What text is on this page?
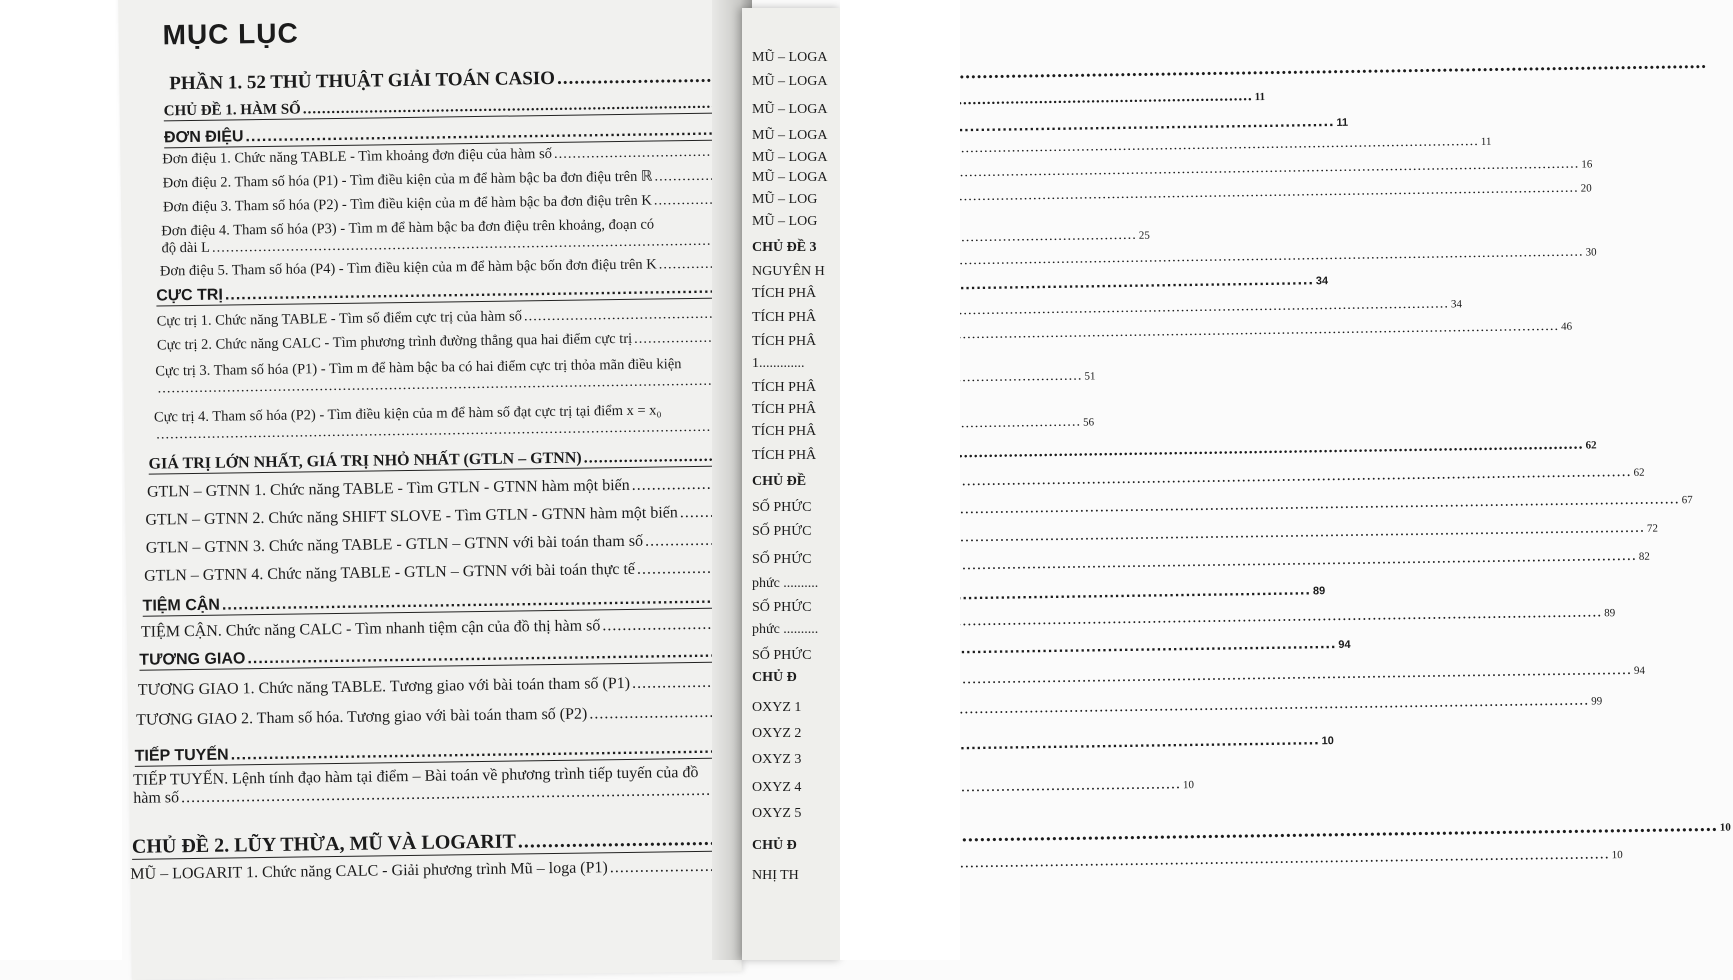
MỤC LỤC
PHẦN 1. 52 THỦ THUẬT GIẢI TOÁN CASIO
.....
CHỦ ĐỀ 1. HÀM SỐ
.....
11
ĐƠN ĐIỆU
.....
11
Đơn điệu 1. Chức năng TABLE - Tìm khoảng đơn điệu của hàm số
.....
11
Đơn điệu 2. Tham số hóa (P1) - Tìm điều kiện của m để hàm bậc ba đơn điệu trên ℝ
.....
16
Đơn điệu 3. Tham số hóa (P2) - Tìm điều kiện của m để hàm bậc ba đơn điệu trên K
.....
20
Đơn điệu 4. Tham số hóa (P3) - Tìm m để hàm bậc ba đơn điệu trên khoảng, đoạn có
độ dài L
.....
25
Đơn điệu 5. Tham số hóa (P4) - Tìm điều kiện của m để hàm bậc bốn đơn điệu trên K
.....
30
CỰC TRỊ
.....
34
Cực trị 1. Chức năng TABLE - Tìm số điểm cực trị của hàm số
.....
34
Cực trị 2. Chức năng CALC - Tìm phương trình đường thẳng qua hai điểm cực trị
.....
46
Cực trị 3. Tham số hóa (P1) - Tìm m để hàm bậc ba có hai điểm cực trị thỏa mãn điều kiện .....	51
Cực trị 4. Tham số hóa (P2) - Tìm điều kiện của m để hàm số đạt cực trị tại điểm x = x₀ .....	56
GIÁ TRỊ LỚN NHẤT, GIÁ TRỊ NHỎ NHẤT (GTLN – GTNN)
.....
62
GTLN – GTNN 1. Chức năng TABLE - Tìm GTLN - GTNN hàm một biến
.....
62
GTLN – GTNN 2. Chức năng SHIFT SLOVE - Tìm GTLN - GTNN hàm một biến
.....
67
GTLN – GTNN 3. Chức năng TABLE - GTLN – GTNN với bài toán tham số
.....
72
GTLN – GTNN 4. Chức năng TABLE - GTLN – GTNN với bài toán thực tế
.....
82
TIỆM CẬN
.....
89
TIỆM CẬN. Chức năng CALC - Tìm nhanh tiệm cận của đồ thị hàm số
.....
89
TƯƠNG GIAO
.....
94
TƯƠNG GIAO 1. Chức năng TABLE. Tương giao với bài toán tham số (P1)
.....
94
TƯƠNG GIAO 2. Tham số hóa. Tương giao với bài toán tham số (P2)
.....
99
TIẾP TUYẾN
.....
10
TIẾP TUYẾN. Lệnh tính đạo hàm tại điểm – Bài toán về phương trình tiếp tuyến của đồ
hàm số
.....
10
CHỦ ĐỀ 2. LŨY THỪA, MŨ VÀ LOGARIT
.....
10
MŨ – LOGARIT 1. Chức năng CALC - Giải phương trình Mũ – loga (P1)
.....
10
MŨ – LOGA
MŨ – LOGA
MŨ – LOGA
MŨ – LOGA
MŨ – LOGA
MŨ – LOGA
MŨ – LOG
MŨ – LOG
CHỦ ĐỀ 3
NGUYÊN H
TÍCH PHÂ
TÍCH PHÂ
TÍCH PHÂ
1.............
TÍCH PHÂ
TÍCH PHÂ
TÍCH PHÂ
TÍCH PHÂ
CHỦ ĐỀ
SỐ PHỨC
SỐ PHỨC
SỐ PHỨC
phức ..........
SỐ PHỨC
phức ..........
SỐ PHỨC
CHỦ Đ
OXYZ 1
OXYZ 2
OXYZ 3
OXYZ 4
OXYZ 5
CHỦ Đ
NHỊ TH
